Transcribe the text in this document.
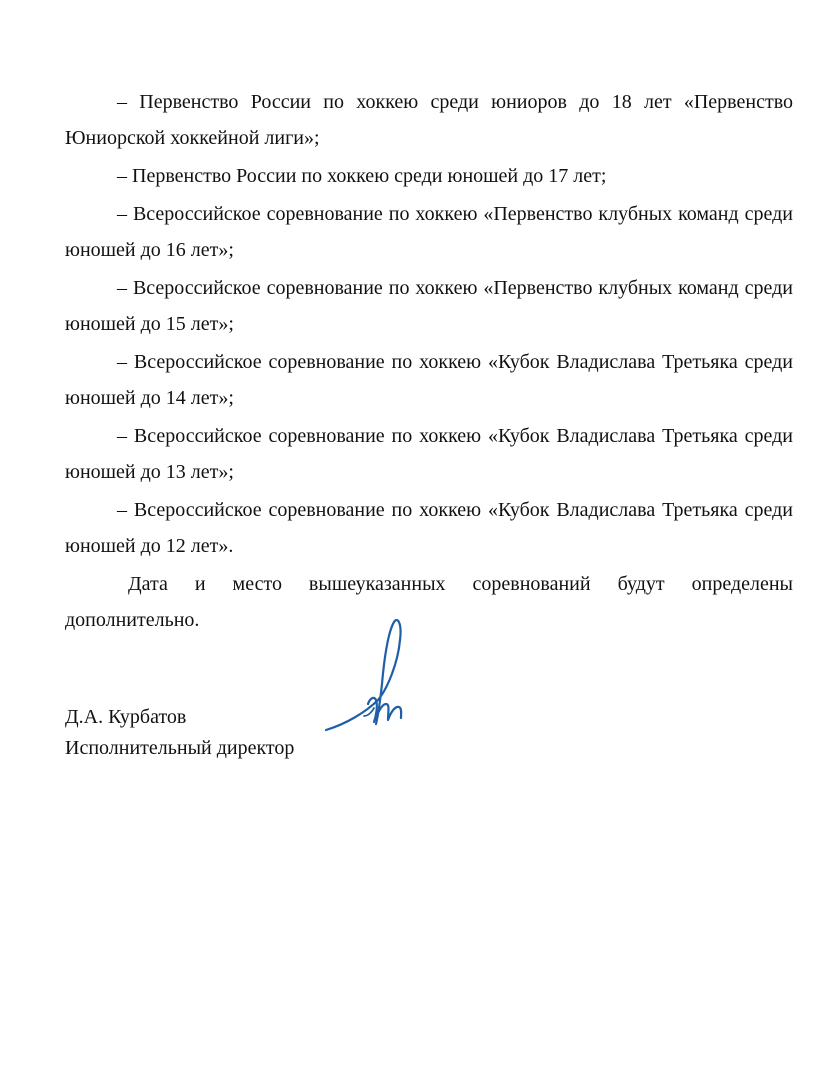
– Первенство России по хоккею среди юниоров до 18 лет «Первенство Юниорской хоккейной лиги»;

– Первенство России по хоккею среди юношей до 17 лет;

– Всероссийское соревнование по хоккею «Первенство клубных команд среди юношей до 16 лет»;

– Всероссийское соревнование по хоккею «Первенство клубных команд среди юношей до 15 лет»;

– Всероссийское соревнование по хоккею «Кубок Владислава Третьяка среди юношей до 14 лет»;

– Всероссийское соревнование по хоккею «Кубок Владислава Третьяка среди юношей до 13 лет»;

– Всероссийское соревнование по хоккею «Кубок Владислава Третьяка среди юношей до 12 лет».

Дата и место вышеуказанных соревнований будут определены дополнительно.

Д.А. Курбатов
Исполнительный директор
